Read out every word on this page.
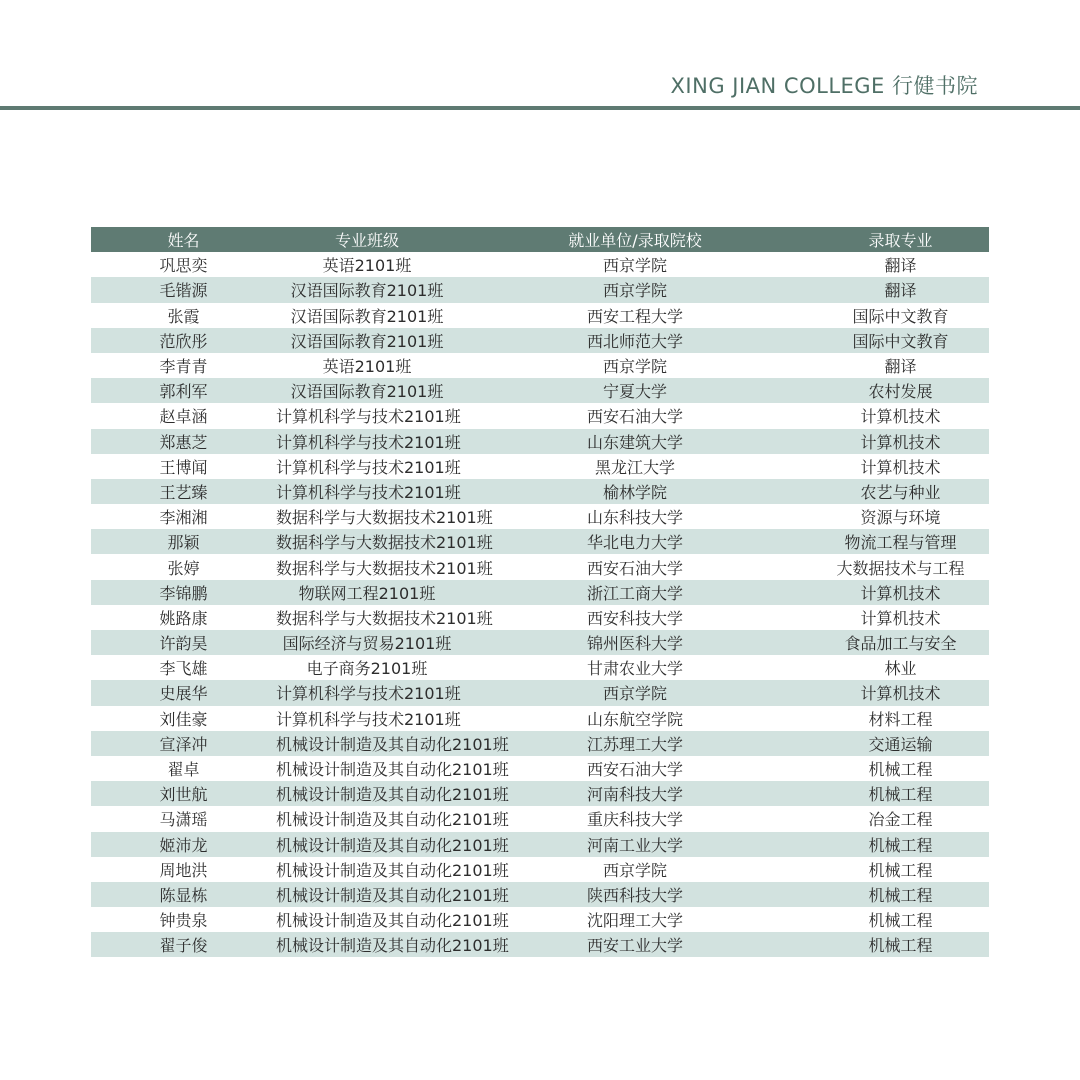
XING JIAN COLLEGE 行健书院
姓名	专业班级	就业单位/录取院校	录取专业
巩思奕	英语2101班	西京学院	翻译
毛锴源	汉语国际教育2101班	西京学院	翻译
张霞	汉语国际教育2101班	西安工程大学	国际中文教育
范欣彤	汉语国际教育2101班	西北师范大学	国际中文教育
李青青	英语2101班	西京学院	翻译
郭利军	汉语国际教育2101班	宁夏大学	农村发展
赵卓涵	计算机科学与技术2101班	西安石油大学	计算机技术
郑惠芝	计算机科学与技术2101班	山东建筑大学	计算机技术
王博闻	计算机科学与技术2101班	黑龙江大学	计算机技术
王艺臻	计算机科学与技术2101班	榆林学院	农艺与种业
李湘湘	数据科学与大数据技术2101班	山东科技大学	资源与环境
那颖	数据科学与大数据技术2101班	华北电力大学	物流工程与管理
张婷	数据科学与大数据技术2101班	西安石油大学	大数据技术与工程
李锦鹏	物联网工程2101班	浙江工商大学	计算机技术
姚路康	数据科学与大数据技术2101班	西安科技大学	计算机技术
许韵昊	国际经济与贸易2101班	锦州医科大学	食品加工与安全
李飞雄	电子商务2101班	甘肃农业大学	林业
史展华	计算机科学与技术2101班	西京学院	计算机技术
刘佳豪	计算机科学与技术2101班	山东航空学院	材料工程
宣泽冲	机械设计制造及其自动化2101班	江苏理工大学	交通运输
翟卓	机械设计制造及其自动化2101班	西安石油大学	机械工程
刘世航	机械设计制造及其自动化2101班	河南科技大学	机械工程
马潇瑶	机械设计制造及其自动化2101班	重庆科技大学	冶金工程
姬沛龙	机械设计制造及其自动化2101班	河南工业大学	机械工程
周地洪	机械设计制造及其自动化2101班	西京学院	机械工程
陈显栋	机械设计制造及其自动化2101班	陕西科技大学	机械工程
钟贵泉	机械设计制造及其自动化2101班	沈阳理工大学	机械工程
翟子俊	机械设计制造及其自动化2101班	西安工业大学	机械工程
